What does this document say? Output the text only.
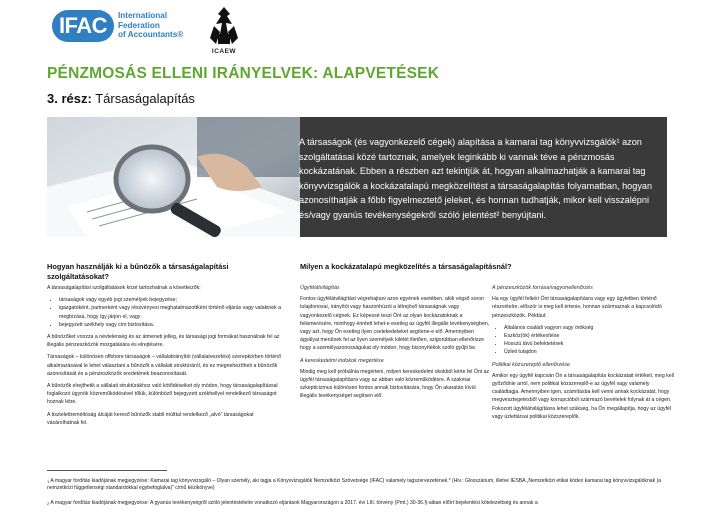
IFAC	International
Federation
of Accountants®
ICAEW
PÉNZMOSÁS ELLENI IRÁNYELVEK: ALAPVETÉSEK
3. rész: Társaságalapítás
A társaságok (és vagyonkezelő cégek) alapítása a kamarai tag könyvvizsgálók¹ azon szolgáltatásai közé tartoznak, amelyek leginkább ki vannak téve a pénzmosás kockázatának. Ebben a részben azt tekintjük át, hogyan alkalmazhatják a kamarai tag könyvvizsgálók a kockázatalapú megközelítést a társaságalapítás folyamatban, hogyan azonosíthatják a főbb figyelmeztető jeleket, és honnan tudhatják, mikor kell visszalépni és/vagy gyanús tevékenységekről szóló jelentést² benyújtani.
Hogyan használják ki a bűnözők a társaságalapítási szolgáltatásokat?
Milyen a kockázatalapú megközelítés a társaságalapításnál?

A társaságalapítási szolgáltatások közé tartozhatnak a következők:

• társaságok vagy egyéb jogi személyek bejegyzése;
• igazgatóként, partnerként vagy részvényesi meghatalmazottként történő eljárás vagy valakinek a megbízása, hogy így járjon el, vagy
• bejegyzett székhely vagy cím biztosítása.

A bűnözőket vonzza a névtelenség és az átmeneti jelleg, és társasági jogi formákat használnak fel az illegális pénzeszközök mozgatására és elrejtésére.

Társaságok – különösen offshore társaságok – vállalatirányítói (vállalatvezetési) szerepkörben történő alkalmazásával le lehet választani a bűnözőt a vállalati struktúráról, és ez megnehezítheti a bűnözők azonosítását és a pénzeszközök eredetének beazonosítását.

A bűnözők elrejthetik a vállalati struktúrákhoz való kötődéseiket oly módon, hogy társaságalapítással foglalkozó ügynök közreműködésével tőlük, különböző bejegyzett székhellyel rendelkező társaságot hoznak létre.

A tisztelettreméltóság álcáját kereső bűnözők stabil múlttal rendelkező „alvó” társaságokat vásárolhatnak fel.

Ügyfélátvilágítás

Fontos ügyfélátvilágítást végrehajtani azon egyének esetében, akik végső soron tulajdonosai, irányítói vagy haszonhúzói a létrejövő társaságnak vagy vagyonkezelő cégnek. Ez képessé teszi Önt az olyan kockázatoknak a felismerésére, minthogy érintett lehet-e esetleg az ügyfél illegális tevékenységben, vagy azt, hogy Ön esetleg ilyen cselekedeteket segítene-e elő. Amennyiben ágyályai merülnek fel az ilyen személyek kilétét illetően, szigorúbban ellenőrizze hogy a személyazonosságukat oly módon, hogy bizonyítékok szóló gyűjti be.

A kereskedelmi indokok megértése

Mindig meg kell próbálnia megérteni, milyen kereskedelmi okokból kérte fel Önt az ügyfél társaságalapításra vagy az abban való közreműködésre. A szakmai szkepticizmus különösen fontos annak biztosítására, hogy Ön akaratán kívül illegális tevékenységet segítsen elő.

A pénzeszközök forrása/vagyonellenőrzés

Ha egy ügyfél felkéri Önt társaságalapításra vagy egy ügyletben történő részvételre, először is meg kell értenie, honnan származnak a kapcsolódó pénzeszközök. Például:

• Általános családi vagyon vagy örökség
• Eszköz(ök) értékesítése
• Hosszú távú befektetések
• Üzleti tulajdon
Politikai közszereplő ellenőrzése

Amikor egy ügyfél kapcsán Ön a társaságalapítás kockázatait értékeli, meg kell győződnie arról, nem politikai közszereplő-e az ügyfél vagy valamely családtagja. Amennyiben igen, számításba kell venni annak kockázatát, hogy megvesztegetésből vagy korrupcióból származó bevételek folynak át a cégen. Fokozott ügyfélátvilágításra lehet szükség, ha Ön megállapítja, hogy az ügyfél vagy üzlettársai politikai közszereplők.

$^1$ A magyar fordítás kiadójának megjegyzése: Kamarai tag könyvvizsgáló – Olyan személy, aki tagja a Könyvvizsgálók Nemzetközi Szövetsége (IFAC) valamely tagszervezetének.* (Hiv.: Glosszárium, illetve IESBA „Nemzetközi etikai kódex kamarai tag könyvvizsgálóknak (a nemzetközi függetlenségi standardokkal egybefoglalva)” című kézikönyve)
$^2$ A magyar fordítás kiadójának megjegyzése: A gyanús tevékenységről szóló jelentéstételre vonatkozó eljárások Magyarországon a 2017. évi LIII. törvény (Pmt.) 30-36.§-aiban előírt bejelentési kötelezettség és annak a
